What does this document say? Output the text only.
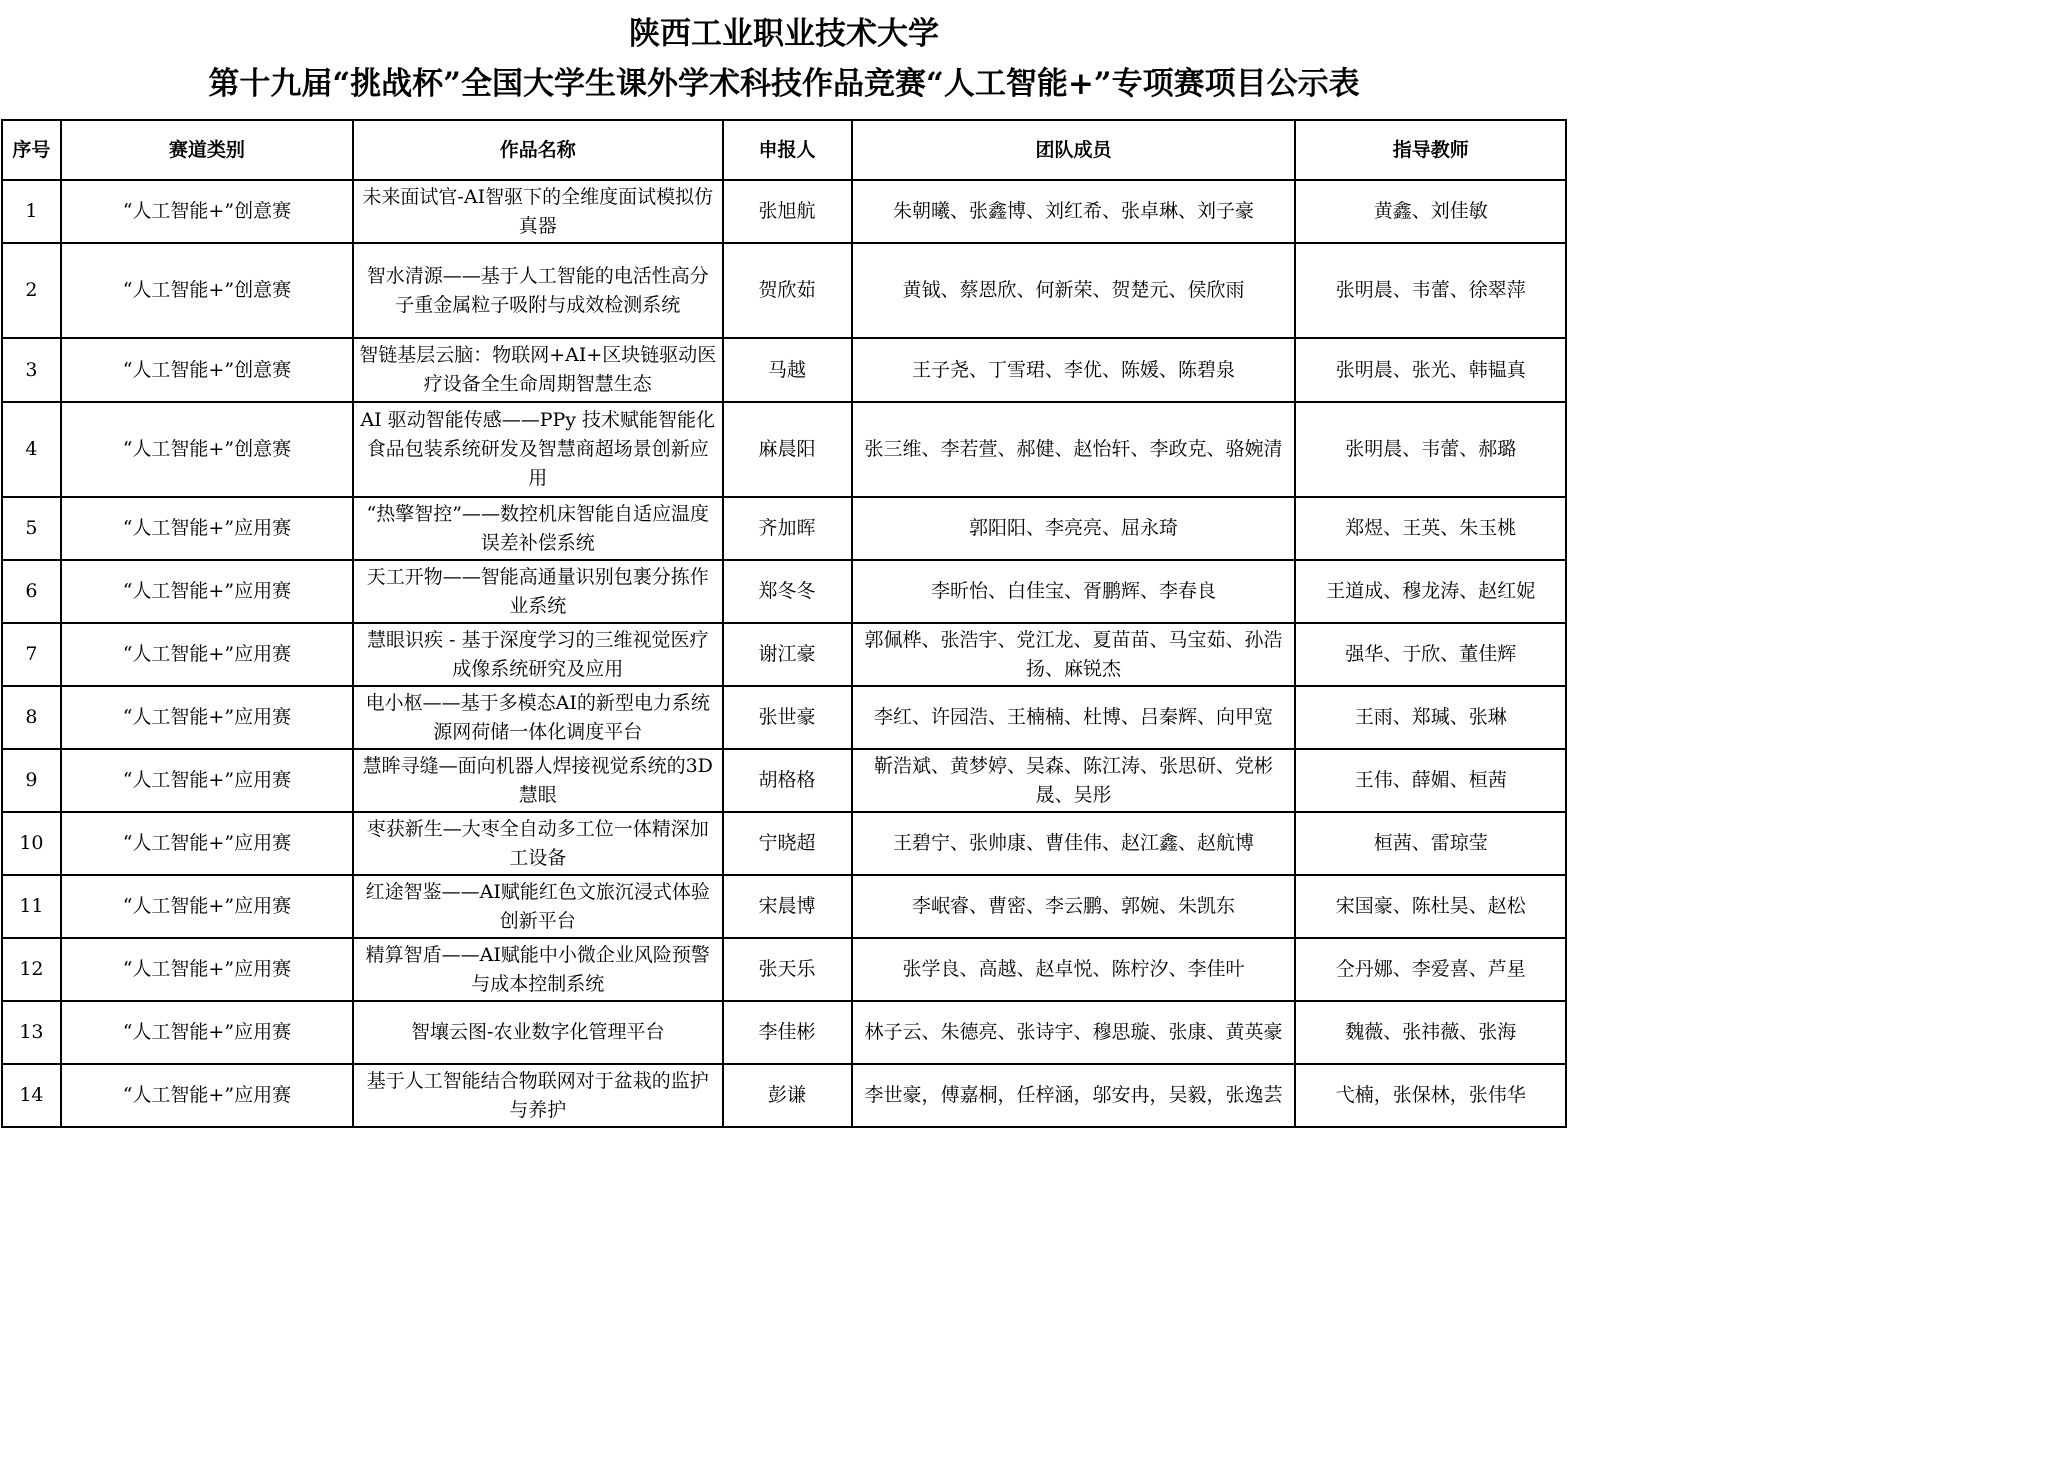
陕西工业职业技术大学
第十九届“挑战杯”全国大学生课外学术科技作品竞赛“人工智能+”专项赛项目公示表
序号	赛道类别	作品名称	申报人	团队成员	指导教师
1	“人工智能+”创意赛	未来面试官-AI智驱下的全维度面试模拟仿真器	张旭航	朱朝曦、张鑫博、刘红希、张卓琳、刘子豪	黄鑫、刘佳敏
2	“人工智能+”创意赛	智水清源——基于人工智能的电活性高分子重金属粒子吸附与成效检测系统	贺欣茹	黄钺、蔡恩欣、何新荣、贺楚元、侯欣雨	张明晨、韦蕾、徐翠萍
3	“人工智能+”创意赛	智链基层云脑：物联网+AI+区块链驱动医疗设备全生命周期智慧生态	马越	王子尧、丁雪珺、李优、陈媛、陈碧泉	张明晨、张光、韩韫真
4	“人工智能+”创意赛	AI 驱动智能传感——PPy 技术赋能智能化食品包装系统研发及智慧商超场景创新应用	麻晨阳	张三维、李若萱、郝健、赵怡轩、李政克、骆婉清	张明晨、韦蕾、郝璐
5	“人工智能+”应用赛	“热擎智控”——数控机床智能自适应温度误差补偿系统	齐加晖	郭阳阳、李亮亮、屈永琦	郑煜、王英、朱玉桃
6	“人工智能+”应用赛	天工开物——智能高通量识别包裹分拣作业系统	郑冬冬	李昕怡、白佳宝、胥鹏辉、李春良	王道成、穆龙涛、赵红妮
7	“人工智能+”应用赛	慧眼识疾 - 基于深度学习的三维视觉医疗成像系统研究及应用	谢江豪	郭佩桦、张浩宇、党江龙、夏苗苗、马宝茹、孙浩扬、麻锐杰	强华、于欣、董佳辉
8	“人工智能+”应用赛	电小枢——基于多模态AI的新型电力系统源网荷储一体化调度平台	张世豪	李红、许园浩、王楠楠、杜博、吕秦辉、向甲宽	王雨、郑瑊、张琳
9	“人工智能+”应用赛	慧眸寻缝—面向机器人焊接视觉系统的3D慧眼	胡格格	靳浩斌、黄梦婷、吴森、陈江涛、张思研、党彬晟、吴彤	王伟、薛媚、桓茜
10	“人工智能+”应用赛	枣获新生—大枣全自动多工位一体精深加工设备	宁晓超	王碧宁、张帅康、曹佳伟、赵江鑫、赵航博	桓茜、雷琼莹
11	“人工智能+”应用赛	红途智鉴——AI赋能红色文旅沉浸式体验创新平台	宋晨博	李岷睿、曹密、李云鹏、郭婉、朱凯东	宋国豪、陈杜昊、赵松
12	“人工智能+”应用赛	精算智盾——AI赋能中小微企业风险预警与成本控制系统	张天乐	张学良、高越、赵卓悦、陈柠汐、李佳叶	仝丹娜、李爱喜、芦星
13	“人工智能+”应用赛	智壤云图-农业数字化管理平台	李佳彬	林子云、朱德亮、张诗宇、穆思璇、张康、黄英豪	魏薇、张祎薇、张海
14	“人工智能+”应用赛	基于人工智能结合物联网对于盆栽的监护与养护	彭谦	李世豪，傅嘉桐，任梓涵，邬安冉，吴毅，张逸芸	弋楠，张保林，张伟华
